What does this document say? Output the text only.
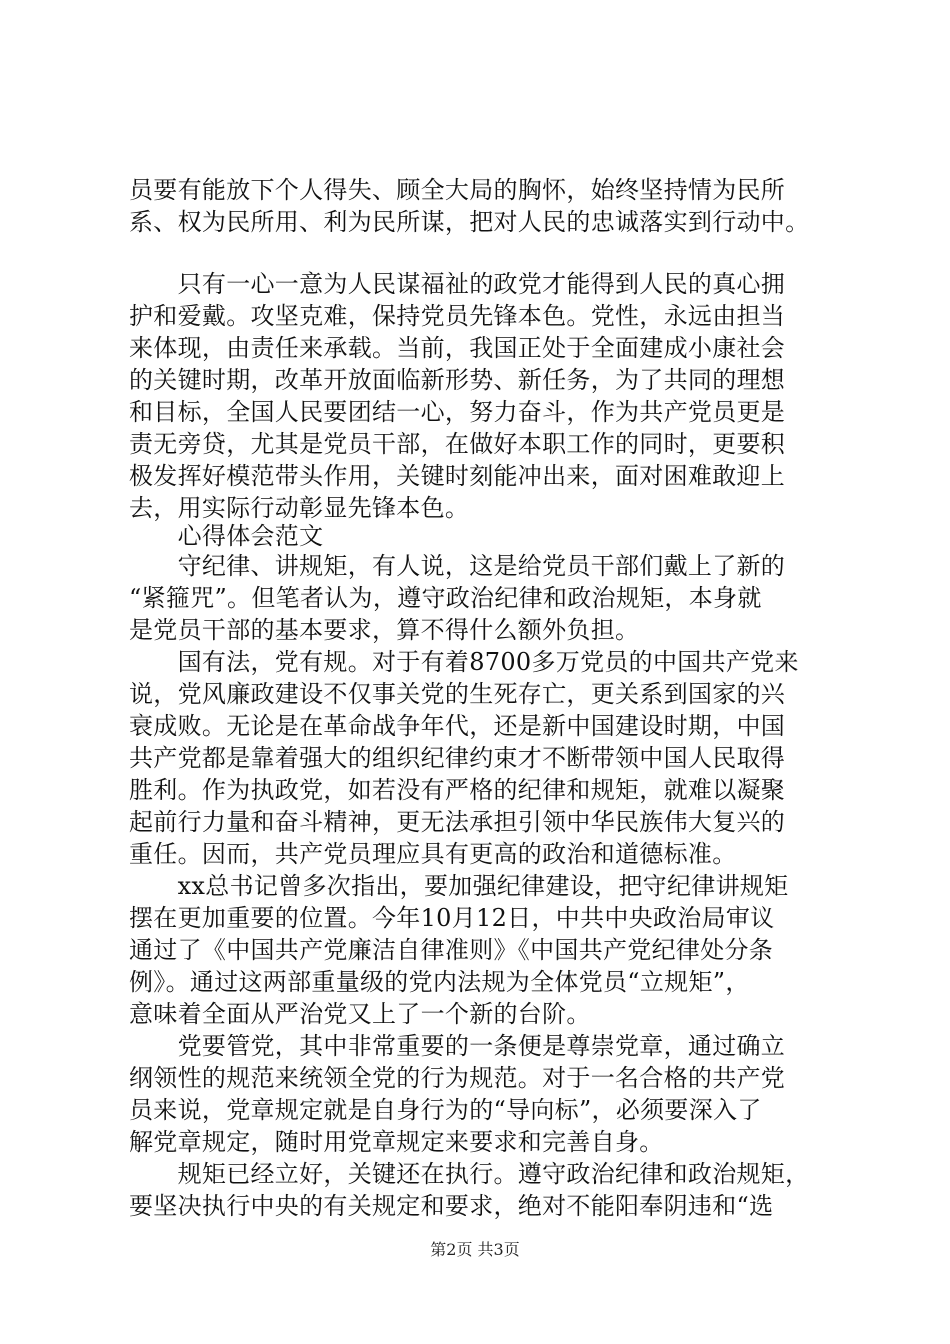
员要有能放下个人得失、顾全大局的胸怀，始终坚持情为民所
系、权为民所用、利为民所谋，把对人民的忠诚落实到行动中。
　　只有一心一意为人民谋福祉的政党才能得到人民的真心拥
护和爱戴。攻坚克难，保持党员先锋本色。党性，永远由担当
来体现，由责任来承载。当前，我国正处于全面建成小康社会
的关键时期，改革开放面临新形势、新任务，为了共同的理想
和目标，全国人民要团结一心，努力奋斗，作为共产党员更是
责无旁贷，尤其是党员干部，在做好本职工作的同时，更要积
极发挥好模范带头作用，关键时刻能冲出来，面对困难敢迎上
去，用实际行动彰显先锋本色。
　　心得体会范文
　　守纪律、讲规矩，有人说，这是给党员干部们戴上了新的
“紧箍咒”。但笔者认为，遵守政治纪律和政治规矩，本身就
是党员干部的基本要求，算不得什么额外负担。
　　国有法，党有规。对于有着8700多万党员的中国共产党来
说，党风廉政建设不仅事关党的生死存亡，更关系到国家的兴
衰成败。无论是在革命战争年代，还是新中国建设时期，中国
共产党都是靠着强大的组织纪律约束才不断带领中国人民取得
胜利。作为执政党，如若没有严格的纪律和规矩，就难以凝聚
起前行力量和奋斗精神，更无法承担引领中华民族伟大复兴的
重任。因而，共产党员理应具有更高的政治和道德标准。
　　xx总书记曾多次指出，要加强纪律建设，把守纪律讲规矩
摆在更加重要的位置。今年10月12日，中共中央政治局审议
通过了《中国共产党廉洁自律准则》《中国共产党纪律处分条
例》。通过这两部重量级的党内法规为全体党员“立规矩”，
意味着全面从严治党又上了一个新的台阶。
　　党要管党，其中非常重要的一条便是尊崇党章，通过确立
纲领性的规范来统领全党的行为规范。对于一名合格的共产党
员来说，党章规定就是自身行为的“导向标”，必须要深入了
解党章规定，随时用党章规定来要求和完善自身。
　　规矩已经立好，关键还在执行。遵守政治纪律和政治规矩，
要坚决执行中央的有关规定和要求，绝对不能阳奉阴违和“选
第2页 共3页
